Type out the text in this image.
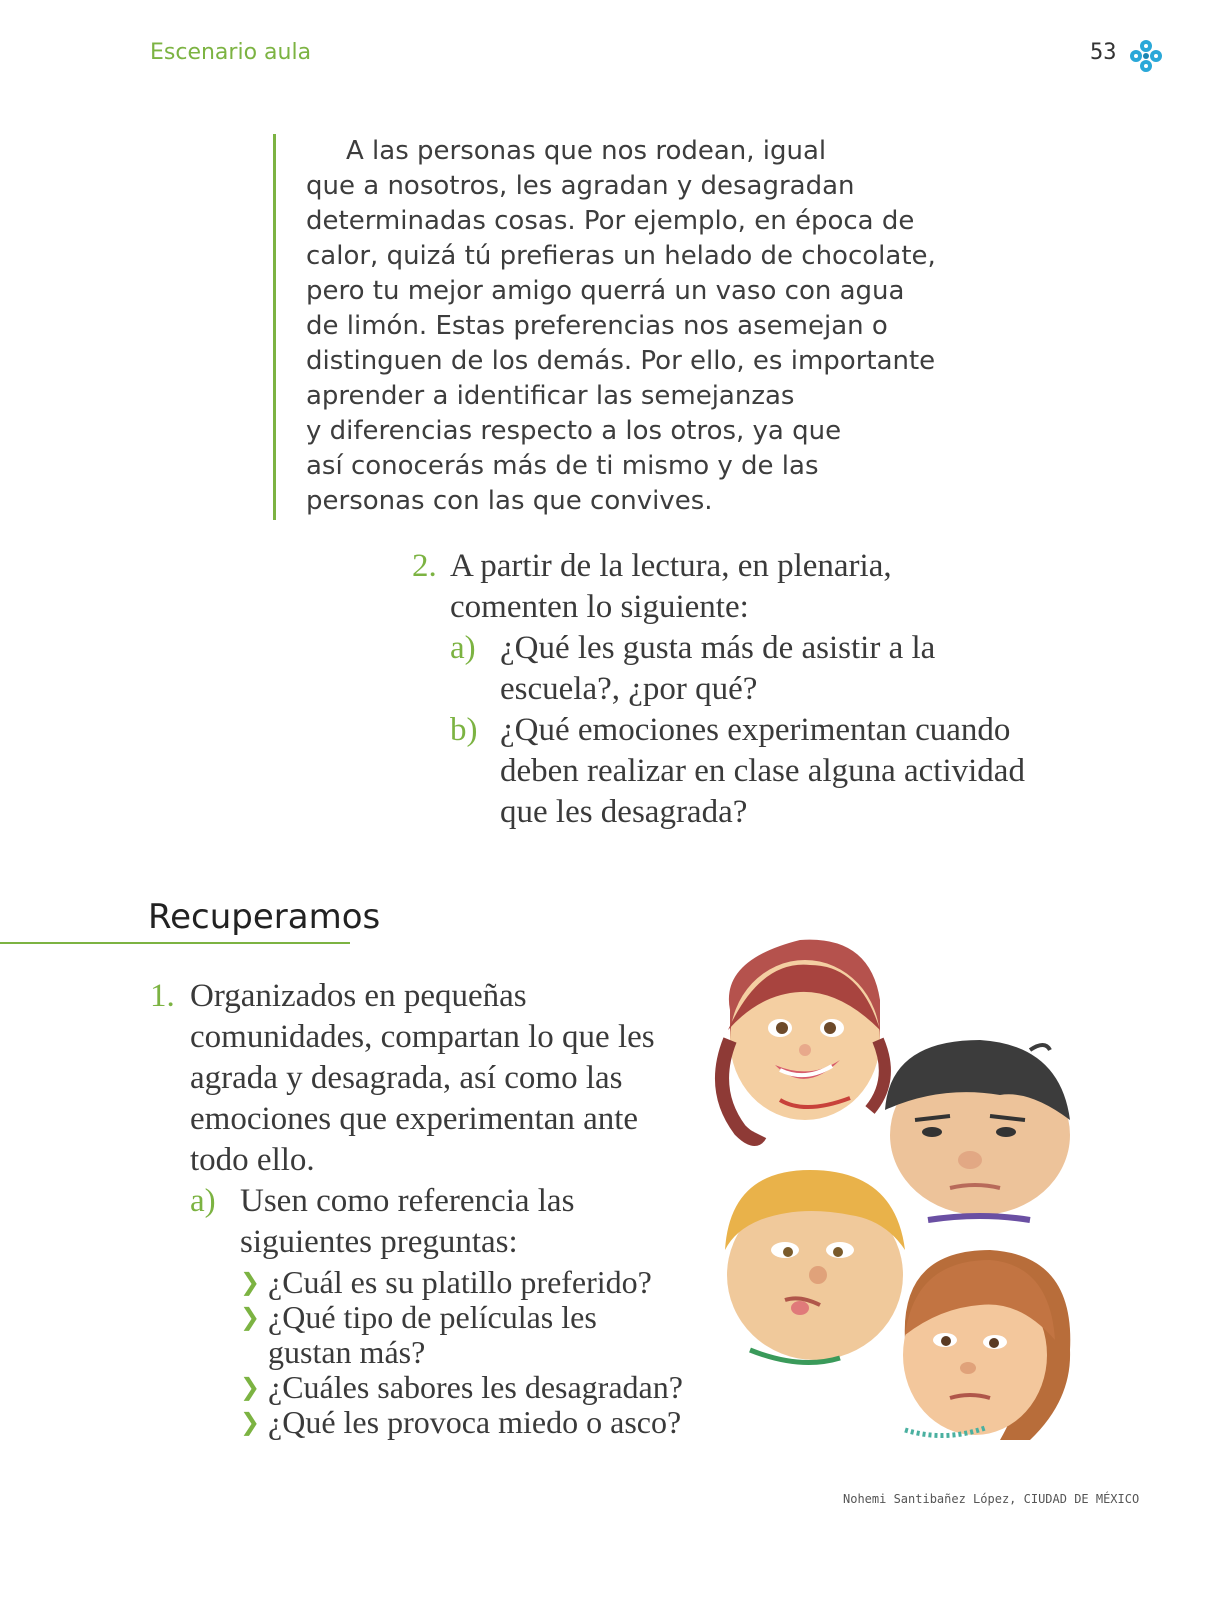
Escenario aula	53

A las personas que nos rodean, igual
que a nosotros, les agradan y desagradan
determinadas cosas. Por ejemplo, en época de
calor, quizá tú prefieras un helado de chocolate,
pero tu mejor amigo querrá un vaso con agua
de limón. Estas preferencias nos asemejan o
distinguen de los demás. Por ello, es importante
aprender a identificar las semejanzas
y diferencias respecto a los otros, ya que
así conocerás más de ti mismo y de las
personas con las que convives.

2. A partir de la lectura, en plenaria, comenten lo siguiente:
a) ¿Qué les gusta más de asistir a la escuela?, ¿por qué?
b) ¿Qué emociones experimentan cuando deben realizar en clase alguna actividad que les desagrada?
Recuperamos
1. Organizados en pequeñas comunidades, compartan lo que les agrada y desagrada, así como las emociones que experimentan ante todo ello.
a) Usen como referencia las siguientes preguntas:
❯ ¿Cuál es su platillo preferido?
❯ ¿Qué tipo de películas les gustan más?
❯ ¿Cuáles sabores les desagradan?
❯ ¿Qué les provoca miedo o asco?
Nohemi Santibañez López, CIUDAD DE MÉXICO
